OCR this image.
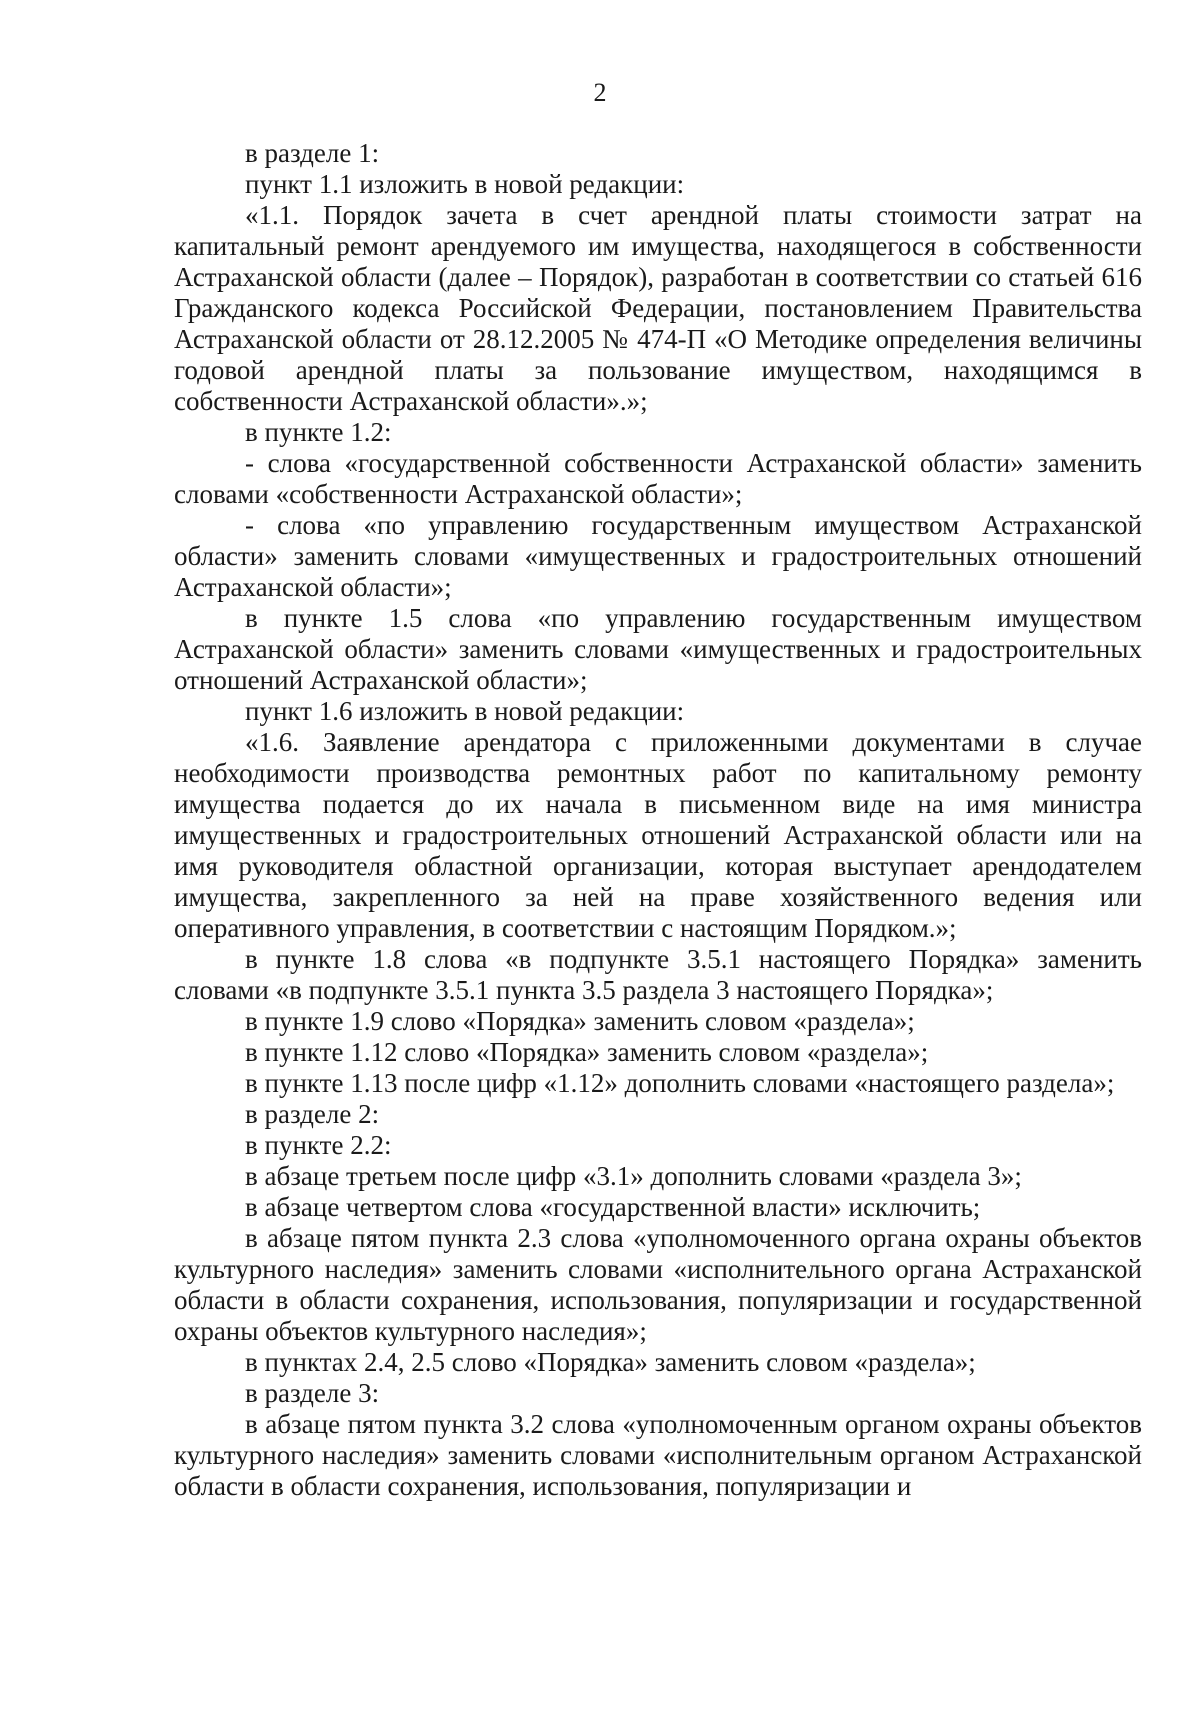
2

в разделе 1:

пункт 1.1 изложить в новой редакции:

«1.1. Порядок зачета в счет арендной платы стоимости затрат на капитальный ремонт арендуемого им имущества, находящегося в собственности Астраханской области (далее – Порядок), разработан в соответствии со статьей 616 Гражданского кодекса Российской Федерации, постановлением Правительства Астраханской области от 28.12.2005 № 474-П «О Методике определения величины годовой арендной платы за пользование имуществом, находящимся в собственности Астраханской области».»;

в пункте 1.2:

- слова «государственной собственности Астраханской области» заменить словами «собственности Астраханской области»;

- слова «по управлению государственным имуществом Астраханской области» заменить словами «имущественных и градостроительных отношений Астраханской области»;

в пункте 1.5 слова «по управлению государственным имуществом Астраханской области» заменить словами «имущественных и градостроительных отношений Астраханской области»;

пункт 1.6 изложить в новой редакции:

«1.6. Заявление арендатора с приложенными документами в случае необходимости производства ремонтных работ по капитальному ремонту имущества подается до их начала в письменном виде на имя министра имущественных и градостроительных отношений Астраханской области или на имя руководителя областной организации, которая выступает арендодателем имущества, закрепленного за ней на праве хозяйственного ведения или оперативного управления, в соответствии с настоящим Порядком.»;

в пункте 1.8 слова «в подпункте 3.5.1 настоящего Порядка» заменить словами «в подпункте 3.5.1 пункта 3.5 раздела 3 настоящего Порядка»;

в пункте 1.9 слово «Порядка» заменить словом «раздела»;

в пункте 1.12 слово «Порядка» заменить словом «раздела»;

в пункте 1.13 после цифр «1.12» дополнить словами «настоящего раздела»;

в разделе 2:

в пункте 2.2:

в абзаце третьем после цифр «3.1» дополнить словами «раздела 3»;

в абзаце четвертом слова «государственной власти» исключить;

в абзаце пятом пункта 2.3 слова «уполномоченного органа охраны объектов культурного наследия» заменить словами «исполнительного органа Астраханской области в области сохранения, использования, популяризации и государственной охраны объектов культурного наследия»;

в пунктах 2.4, 2.5 слово «Порядка» заменить словом «раздела»;

в разделе 3:

в абзаце пятом пункта 3.2 слова «уполномоченным органом охраны объектов культурного наследия» заменить словами «исполнительным органом Астраханской области в области сохранения, использования, популяризации и
